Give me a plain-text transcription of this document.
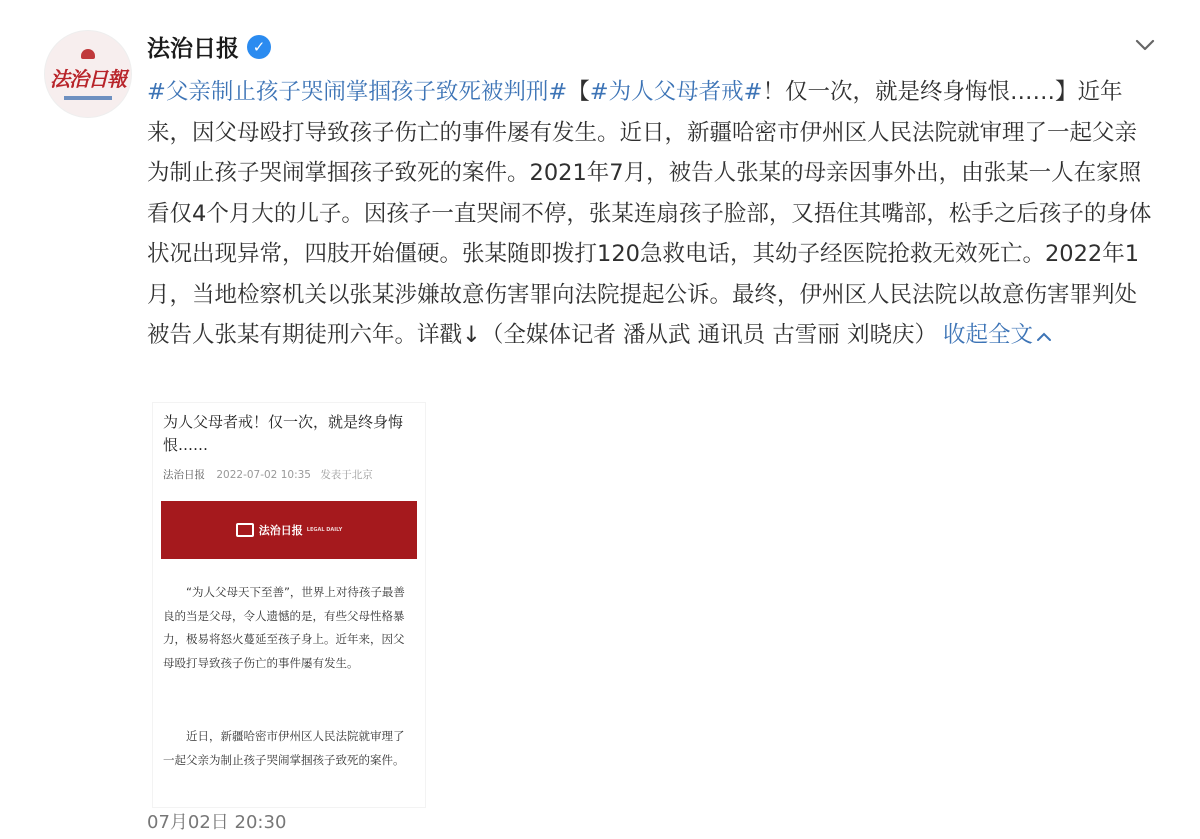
法治日報
法治日报 ✓
#父亲制止孩子哭闹掌掴孩子致死被判刑#【#为人父母者戒#！仅一次，就是终身悔恨……】近年来，因父母殴打导致孩子伤亡的事件屡有发生。近日，新疆哈密市伊州区人民法院就审理了一起父亲为制止孩子哭闹掌掴孩子致死的案件。2021年7月，被告人张某的母亲因事外出，由张某一人在家照看仅4个月大的儿子。因孩子一直哭闹不停，张某连扇孩子脸部，又捂住其嘴部，松手之后孩子的身体状况出现异常，四肢开始僵硬。张某随即拨打120急救电话，其幼子经医院抢救无效死亡。2022年1月，当地检察机关以张某涉嫌故意伤害罪向法院提起公诉。最终，伊州区人民法院以故意伤害罪判处被告人张某有期徒刑六年。详戳↓（全媒体记者 潘从武 通讯员 古雪丽 刘晓庆） 收起全文
为人父母者戒！仅一次，就是终身悔恨……
法治日报 2022-07-02 10:35 发表于北京
法治日报 LEGAL DAILY
“为人父母天下至善”，世界上对待孩子最善良的当是父母，令人遗憾的是，有些父母性格暴力，极易将怒火蔓延至孩子身上。近年来，因父母殴打导致孩子伤亡的事件屡有发生。
近日，新疆哈密市伊州区人民法院就审理了一起父亲为制止孩子哭闹掌掴孩子致死的案件。
07月02日 20:30
